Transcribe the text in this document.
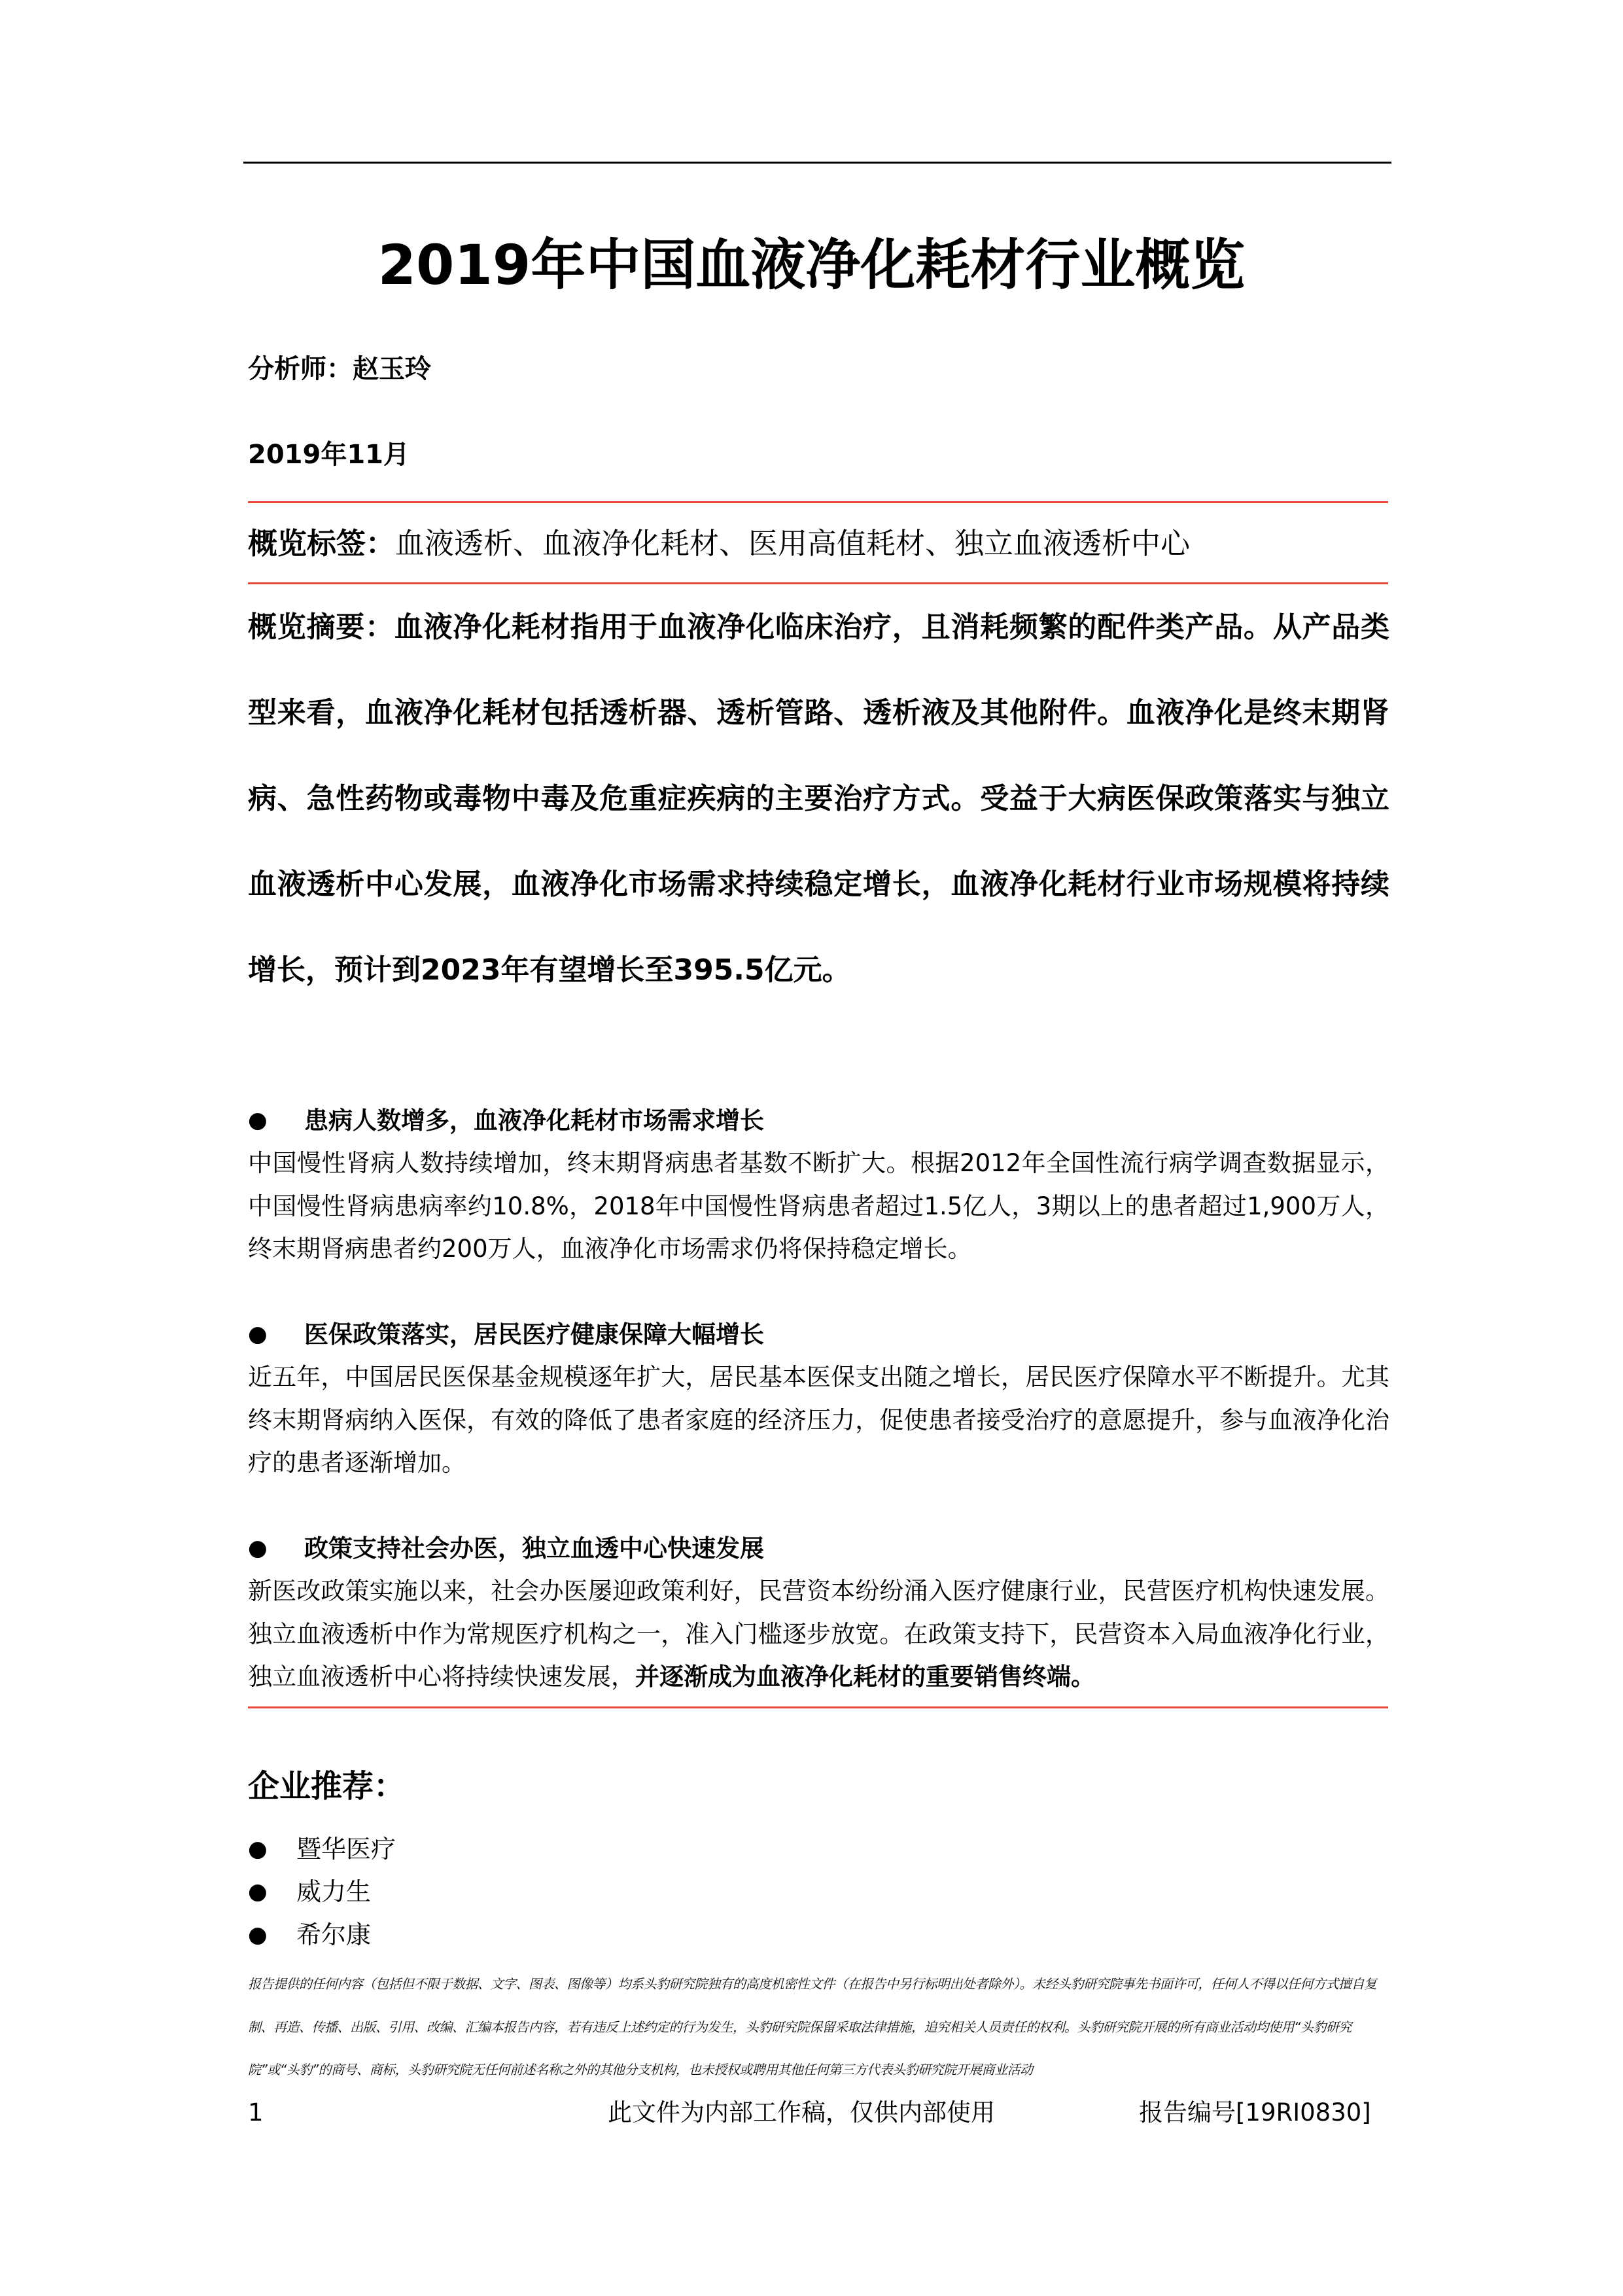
2019年中国血液净化耗材行业概览
分析师：赵玉玲
2019年11月
概览标签：血液透析、血液净化耗材、医用高值耗材、独立血液透析中心
概览摘要：血液净化耗材指用于血液净化临床治疗，且消耗频繁的配件类产品。从产品类型来看，血液净化耗材包括透析器、透析管路、透析液及其他附件。血液净化是终末期肾病、急性药物或毒物中毒及危重症疾病的主要治疗方式。受益于大病医保政策落实与独立血液透析中心发展，血液净化市场需求持续稳定增长，血液净化耗材行业市场规模将持续增长，预计到2023年有望增长至395.5亿元。
●	患病人数增多，血液净化耗材市场需求增长
中国慢性肾病人数持续增加，终末期肾病患者基数不断扩大。根据2012年全国性流行病学调查数据显示，中国慢性肾病患病率约10.8%，2018年中国慢性肾病患者超过1.5亿人，3期以上的患者超过1,900万人，终末期肾病患者约200万人，血液净化市场需求仍将保持稳定增长。
●	医保政策落实，居民医疗健康保障大幅增长
近五年，中国居民医保基金规模逐年扩大，居民基本医保支出随之增长，居民医疗保障水平不断提升。尤其终末期肾病纳入医保，有效的降低了患者家庭的经济压力，促使患者接受治疗的意愿提升，参与血液净化治疗的患者逐渐增加。
●	政策支持社会办医，独立血透中心快速发展
新医改政策实施以来，社会办医屡迎政策利好，民营资本纷纷涌入医疗健康行业，民营医疗机构快速发展。独立血液透析中作为常规医疗机构之一，准入门槛逐步放宽。在政策支持下，民营资本入局血液净化行业，独立血液透析中心将持续快速发展，并逐渐成为血液净化耗材的重要销售终端。
企业推荐：
●	暨华医疗
●	威力生
●	希尔康
报告提供的任何内容（包括但不限于数据、文字、图表、图像等）均系头豹研究院独有的高度机密性文件（在报告中另行标明出处者除外）。未经头豹研究院事先书面许可，任何人不得以任何方式擅自复制、再造、传播、出版、引用、改编、汇编本报告内容，若有违反上述约定的行为发生，头豹研究院保留采取法律措施，追究相关人员责任的权利。头豹研究院开展的所有商业活动均使用“头豹研究院”或“头豹”的商号、商标，头豹研究院无任何前述名称之外的其他分支机构，也未授权或聘用其他任何第三方代表头豹研究院开展商业活动
1	此文件为内部工作稿，仅供内部使用	报告编号[19RI0830]
